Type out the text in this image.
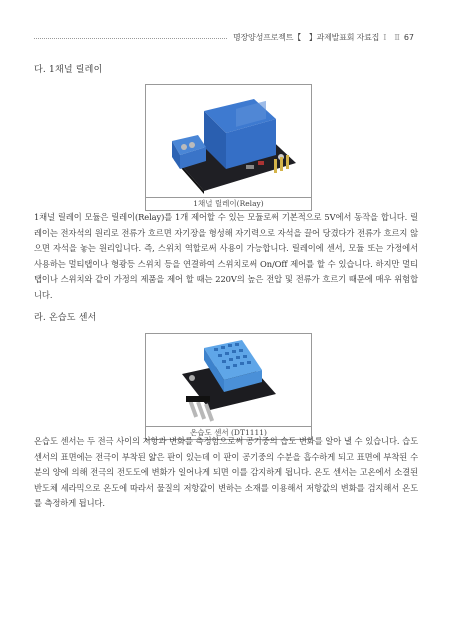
명장양성프로젝트【　】과제발표회 자료집 Ⅰ Ⅱ 67
다. 1채널 릴레이
1채널 릴레이(Relay)

1채널 릴레이 모듈은 릴레이(Relay)를 1개 제어할 수 있는 모듈로써 기본적으로 5V에서 동작을 합니다. 릴레이는 전자석의 원리로 전류가 흐르면 자기장을 형성해 자기력으로 자석을 끌어 당겼다가 전류가 흐르지 않으면 자석을 놓는 원리입니다. 즉, 스위치 역할로써 사용이 가능합니다. 릴레이에 센서, 모듈 또는 가정에서 사용하는 멀티탭이나 형광등 스위치 등을 연결하여 스위치로써 On/Off 제어를 할 수 있습니다. 하지만 멀티탭이나 스위치와 같이 가정의 제품을 제어 할 때는 220V의 높은 전압 및 전류가 흐르기 때문에 매우 위험합니다.

라. 온습도 센서
온습도 센서 (DT1111)

온습도 센서는 두 전극 사이의 저항과 변화를 측정함으로써 공기중의 습도 변화를 알아 낼 수 있습니다. 습도 센서의 표면에는 전극이 부착된 얇은 판이 있는데 이 판이 공기중의 수분을 흡수하게 되고 표면에 부착된 수분의 양에 의해 전극의 전도도에 변화가 일어나게 되면 이를 감지하게 됩니다. 온도 센서는 고온에서 소결된 반도체 세라믹으로 온도에 따라서 물질의 저항값이 변하는 소재를 이용해서 저항값의 변화를 검지해서 온도를 측정하게 됩니다.
